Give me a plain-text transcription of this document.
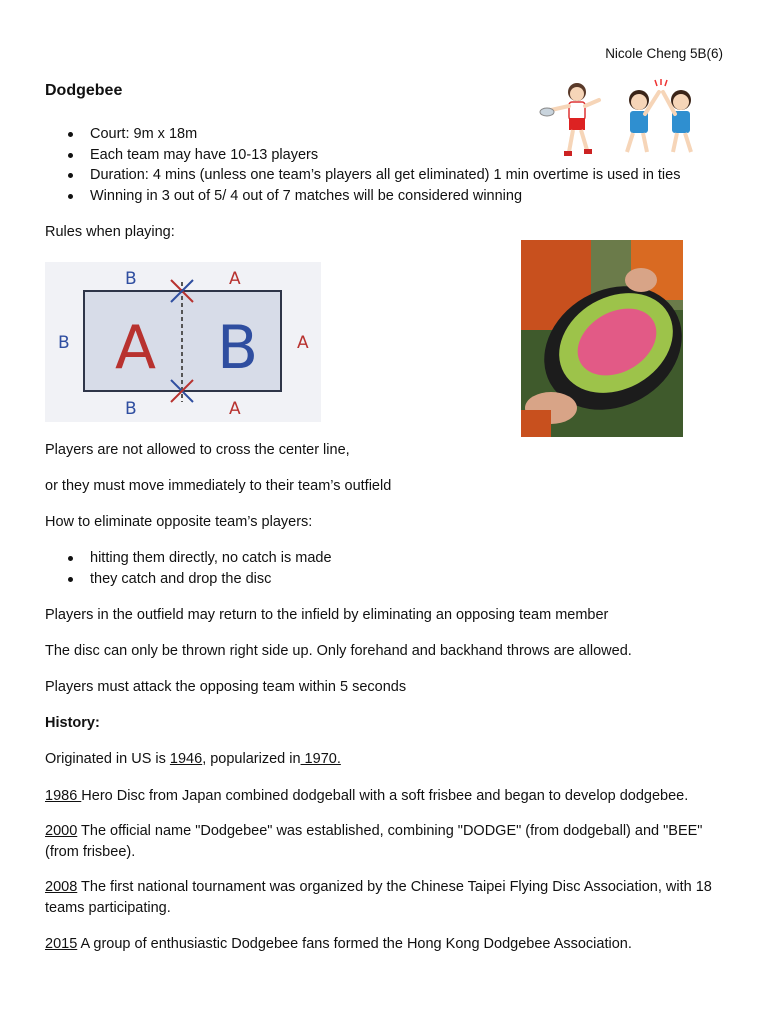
Nicole Cheng 5B(6)
Dodgebee
Court: 9m x 18m
Each team may have 10-13 players
Duration: 4 mins (unless one team’s players all get eliminated) 1 min overtime is used in ties
Winning in 3 out of 5/ 4 out of 7 matches will be considered winning
Rules when playing:
A B
B	A
B	A
B	A
Players are not allowed to cross the center line,
or they must move immediately to their team’s outfield
How to eliminate opposite team’s players:
hitting them directly, no catch is made
they catch and drop the disc
Players in the outfield may return to the infield by eliminating an opposing team member
The disc can only be thrown right side up. Only forehand and backhand throws are allowed.
Players must attack the opposing team within 5 seconds
History:
Originated in US is 1946, popularized in 1970.
1986 Hero Disc from Japan combined dodgeball with a soft frisbee and began to develop dodgebee.
2000 The official name "Dodgebee" was established, combining "DODGE" (from dodgeball) and "BEE" (from frisbee).
2008 The first national tournament was organized by the Chinese Taipei Flying Disc Association, with 18 teams participating.
2015 A group of enthusiastic Dodgebee fans formed the Hong Kong Dodgebee Association.
